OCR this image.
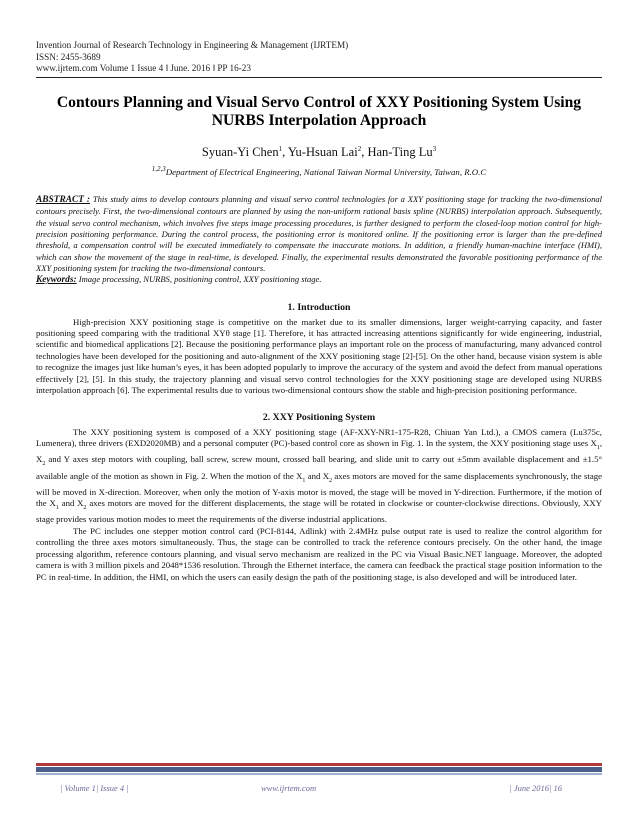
Invention Journal of Research Technology in Engineering & Management (IJRTEM)
ISSN: 2455-3689
www.ijrtem.com Volume 1 Issue 4 ǁ June. 2016 ǁ PP 16-23
Contours Planning and Visual Servo Control of XXY Positioning System Using
NURBS Interpolation Approach
Syuan-Yi Chen$^1$, Yu-Hsuan Lai$^2$, Han-Ting Lu$^3$
$^{1,2,3}$Department of Electrical Engineering, National Taiwan Normal University, Taiwan, R.O.C
ABSTRACT : This study aims to develop contours planning and visual servo control technologies for a XXY positioning stage for tracking the two-dimensional contours precisely. First, the two-dimensional contours are planned by using the non-uniform rational basis spline (NURBS) interpolation approach. Subsequently, the visual servo control mechanism, which involves five steps image processing procedures, is further designed to perform the closed-loop motion control for high-precision positioning performance. During the control process, the positioning error is monitored online. If the positioning error is larger than the pre-defined threshold, a compensation control will be executed immediately to compensate the inaccurate motions. In addition, a friendly human-machine interface (HMI), which can show the movement of the stage in real-time, is developed. Finally, the experimental results demonstrated the favorable positioning performance of the XXY positioning system for tracking the two-dimensional contours.
Keywords: Image processing, NURBS, positioning control, XXY positioning stage.
1. Introduction
High-precision XXY positioning stage is competitive on the market due to its smaller dimensions, larger weight-carrying capacity, and faster positioning speed comparing with the traditional XYθ stage [1]. Therefore, it has attracted increasing attentions significantly for wide engineering, industrial, scientific and biomedical applications [2]. Because the positioning performance plays an important role on the process of manufacturing, many advanced control technologies have been developed for the positioning and auto-alignment of the XXY positioning stage [2]-[5]. On the other hand, because vision system is able to recognize the images just like human’s eyes, it has been adopted popularly to improve the accuracy of the system and avoid the defect from manual operations effectively [2], [5]. In this study, the trajectory planning and visual servo control technologies for the XXY positioning stage are developed using NURBS interpolation approach [6]. The experimental results due to various two-dimensional contours show the stable and high-precision positioning performance.
2. XXY Positioning System
The XXY positioning system is composed of a XXY positioning stage (AF-XXY-NR1-175-R28, Chiuan Yan Ltd.), a CMOS camera (Lu375c, Lumenera), three drivers (EXD2020MB) and a personal computer (PC)-based control core as shown in Fig. 1. In the system, the XXY positioning stage uses $X_1$, $X_2$ and Y axes step motors with coupling, ball screw, screw mount, crossed ball bearing, and slide unit to carry out ±5mm available displacement and ±1.5° available angle of the motion as shown in Fig. 2. When the motion of the $X_1$ and $X_2$ axes motors are moved for the same displacements synchronously, the stage will be moved in X-direction. Moreover, when only the motion of Y-axis motor is moved, the stage will be moved in Y-direction. Furthermore, if the motion of the $X_1$ and $X_2$ axes motors are moved for the different displacements, the stage will be rotated in clockwise or counter-clockwise directions. Obviously, XXY stage provides various motion modes to meet the requirements of the diverse industrial applications.
The PC includes one stepper motion control card (PCI-8144, Adlink) with 2.4MHz pulse output rate is used to realize the control algorithm for controlling the three axes motors simultaneously. Thus, the stage can be controlled to track the reference contours precisely. On the other hand, the image processing algorithm, reference contours planning, and visual servo mechanism are realized in the PC via Visual Basic.NET language. Moreover, the adopted camera is with 3 million pixels and 2048*1536 resolution. Through the Ethernet interface, the camera can feedback the practical stage position information to the PC in real-time. In addition, the HMI, on which the users can easily design the path of the positioning stage, is also developed and will be introduced later.
| Volume 1| Issue 4 |	www.ijrtem.com	| June 2016| 16
